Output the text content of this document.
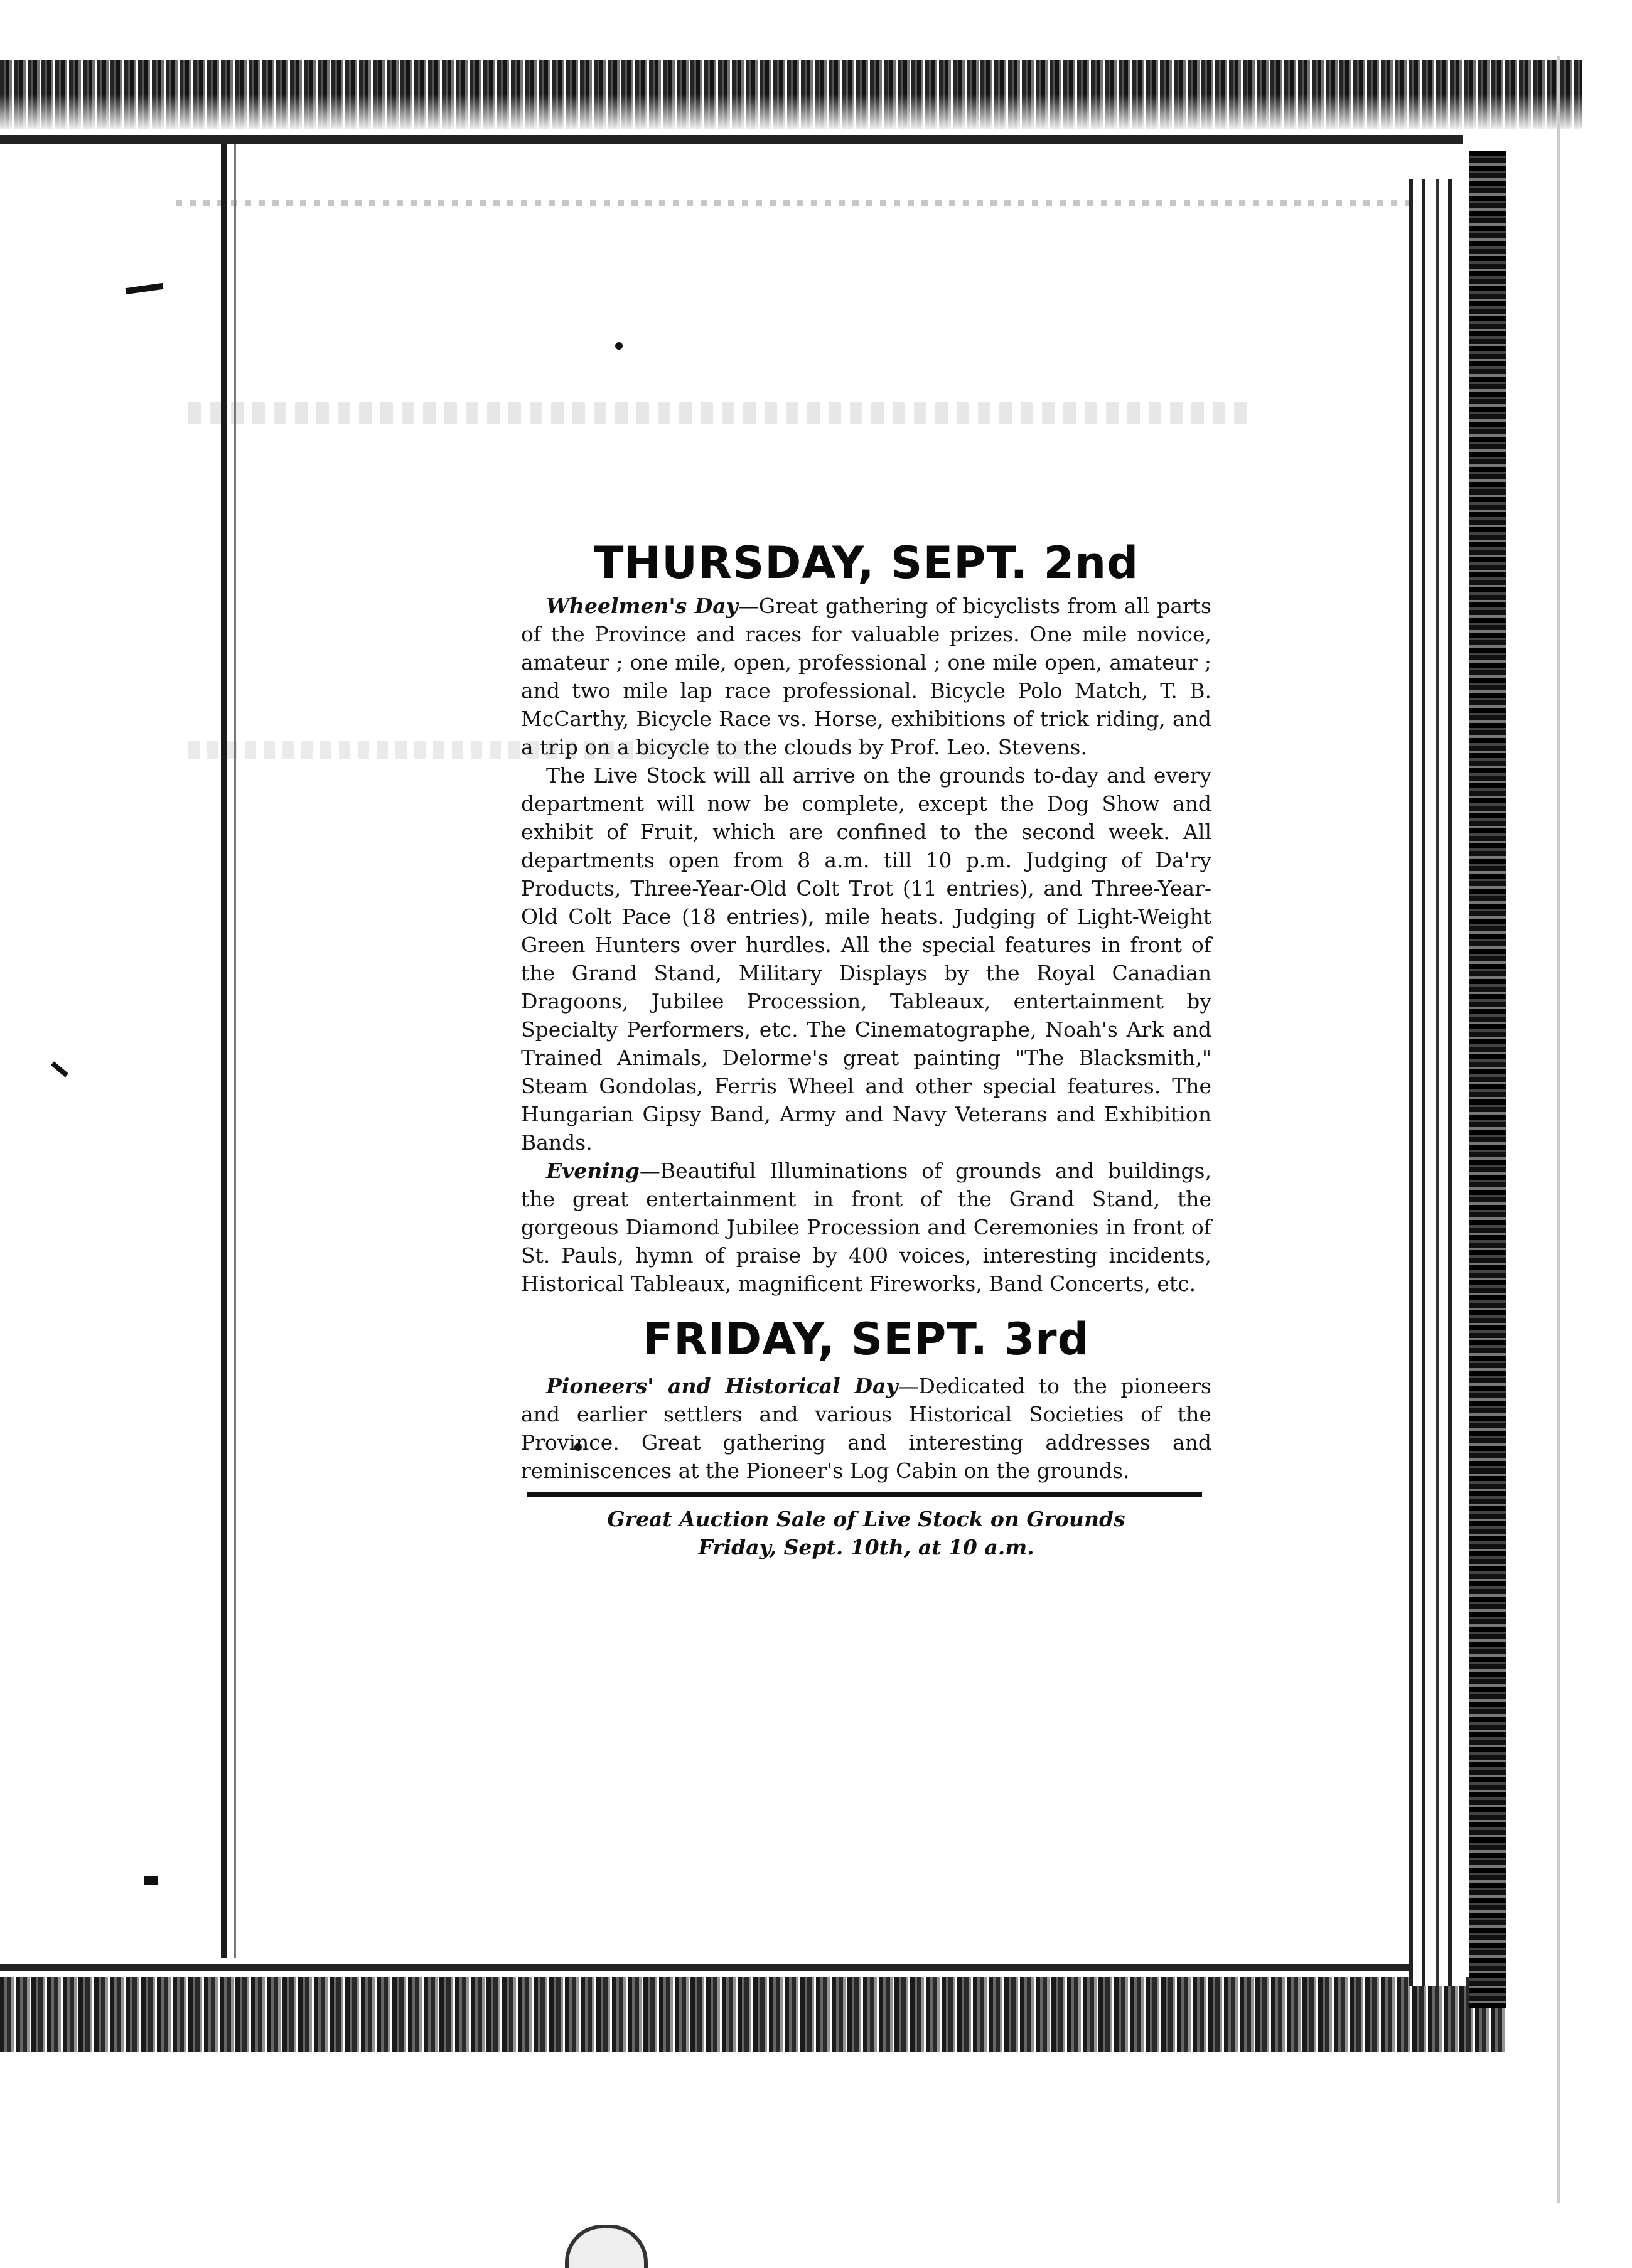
THURSDAY, SEPT. 2nd

Wheelmen's Day—Great gathering of bicyclists from all parts of the Province and races for valuable prizes. One mile novice, amateur ; one mile, open, professional ; one mile open, amateur ; and two mile lap race professional. Bicycle Polo Match, T. B. McCarthy, Bicycle Race vs. Horse, exhibitions of trick riding, and a trip on a bicycle to the clouds by Prof. Leo. Stevens.

The Live Stock will all arrive on the grounds to-day and every department will now be complete, except the Dog Show and exhibit of Fruit, which are confined to the second week. All departments open from 8 a.m. till 10 p.m. Judging of Da'ry Products, Three-Year-Old Colt Trot (11 entries), and Three-Year-Old Colt Pace (18 entries), mile heats. Judging of Light-Weight Green Hunters over hurdles. All the special features in front of the Grand Stand, Military Displays by the Royal Canadian Dragoons, Jubilee Procession, Tableaux, entertainment by Specialty Performers, etc. The Cinematographe, Noah's Ark and Trained Animals, Delorme's great painting "The Blacksmith," Steam Gondolas, Ferris Wheel and other special features. The Hungarian Gipsy Band, Army and Navy Veterans and Exhibition Bands.

Evening—Beautiful Illuminations of grounds and buildings, the great entertainment in front of the Grand Stand, the gorgeous Diamond Jubilee Procession and Ceremonies in front of St. Pauls, hymn of praise by 400 voices, interesting incidents, Historical Tableaux, magnificent Fireworks, Band Concerts, etc.

FRIDAY, SEPT. 3rd

Pioneers' and Historical Day—Dedicated to the pioneers and earlier settlers and various Historical Societies of the Province. Great gathering and interesting addresses and reminiscences at the Pioneer's Log Cabin on the grounds.

Great Auction Sale of Live Stock on Grounds

Friday, Sept. 10th, at 10 a.m.
